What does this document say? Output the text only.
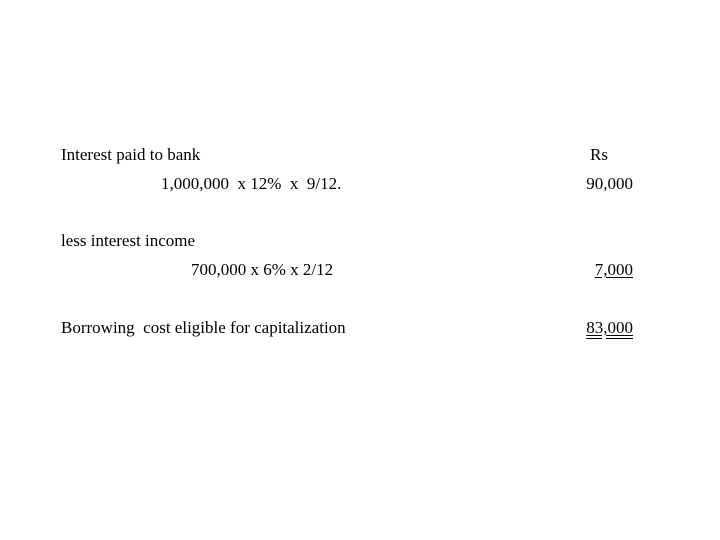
Interest paid to bank	Rs
1,000,000  x 12%  x  9/12.	90,000
less interest income
700,000 x 6% x 2/12	7,000
Borrowing  cost eligible for capitalization	83,000
